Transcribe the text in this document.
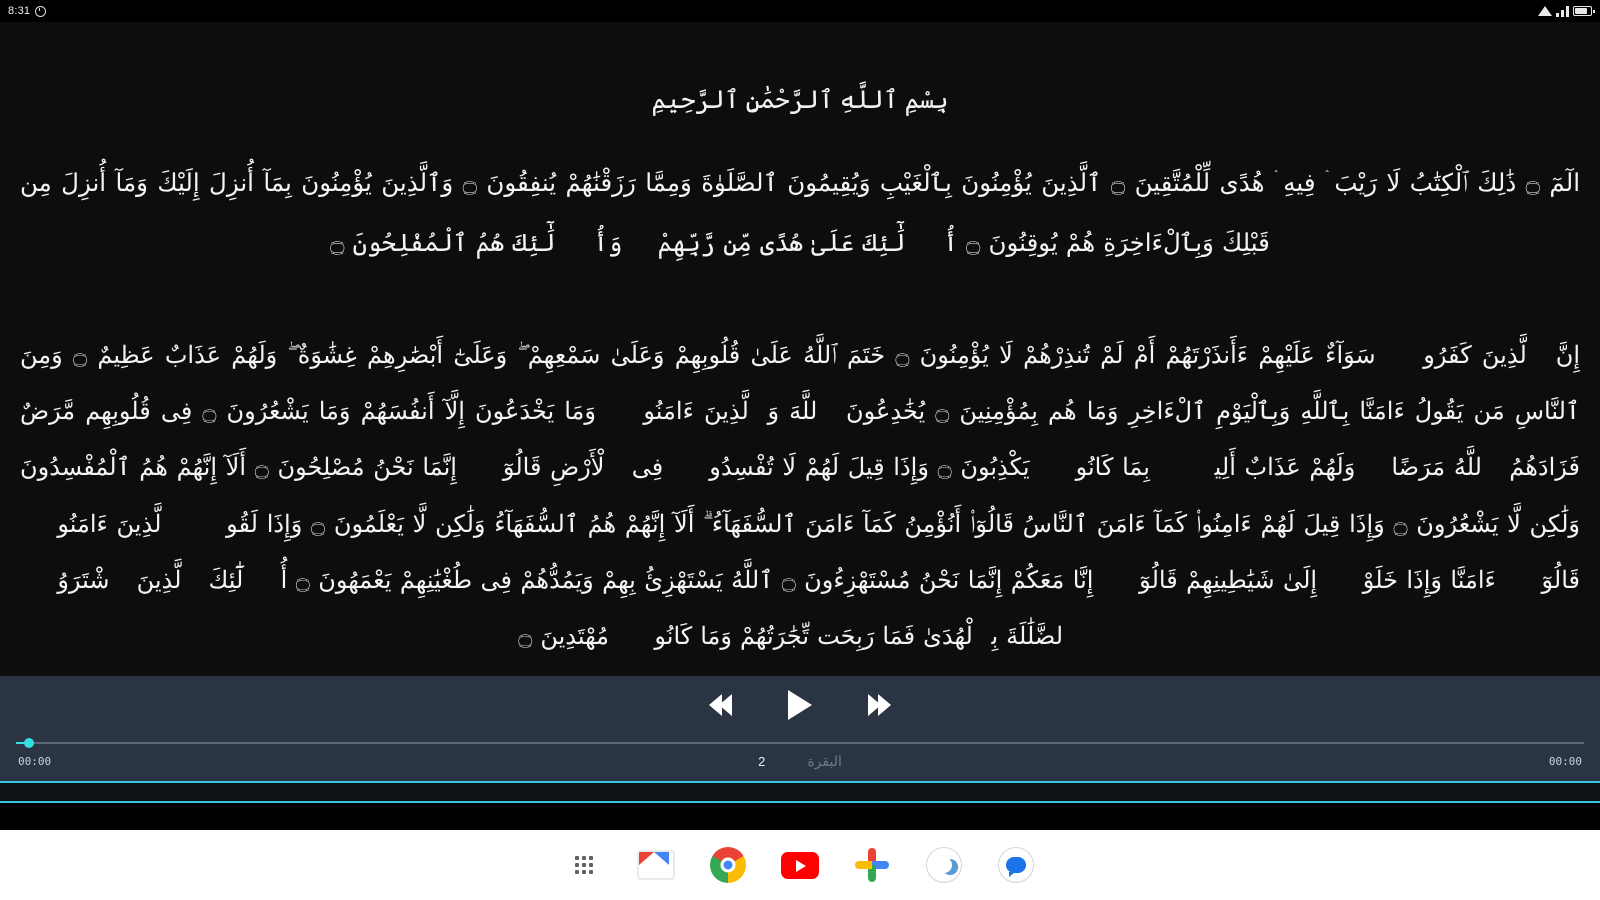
8:31
بِسْمِ ٱللَّهِ ٱلرَّحْمَٰنِ ٱلرَّحِيمِ
الٓمٓ ۝ ذَٰلِكَ ٱلْكِتَٰبُ لَا رَيْبَ ۛ فِيهِ ۛ هُدًى لِّلْمُتَّقِينَ ۝ ٱلَّذِينَ يُؤْمِنُونَ بِٱلْغَيْبِ وَيُقِيمُونَ ٱلصَّلَوٰةَ وَمِمَّا رَزَقْنَٰهُمْ يُنفِقُونَ ۝ وَٱلَّذِينَ يُؤْمِنُونَ بِمَآ أُنزِلَ إِلَيْكَ وَمَآ أُنزِلَ مِن قَبْلِكَ وَبِٱلْءَاخِرَةِ هُمْ يُوقِنُونَ ۝ أُو۟لَٰٓئِكَ عَلَىٰ هُدًى مِّن رَّبِّهِمْ ۖ وَأُو۟لَٰٓئِكَ هُمُ ٱلْمُفْلِحُونَ ۝
إِنَّ ٱلَّذِينَ كَفَرُوا۟ سَوَآءٌ عَلَيْهِمْ ءَأَنذَرْتَهُمْ أَمْ لَمْ تُنذِرْهُمْ لَا يُؤْمِنُونَ ۝ خَتَمَ ٱللَّهُ عَلَىٰ قُلُوبِهِمْ وَعَلَىٰ سَمْعِهِمْ ۖ وَعَلَىٰٓ أَبْصَٰرِهِمْ غِشَٰوَةٌ ۖ وَلَهُمْ عَذَابٌ عَظِيمٌ ۝ وَمِنَ ٱلنَّاسِ مَن يَقُولُ ءَامَنَّا بِٱللَّهِ وَبِٱلْيَوْمِ ٱلْءَاخِرِ وَمَا هُم بِمُؤْمِنِينَ ۝ يُخَٰدِعُونَ ٱللَّهَ وَٱلَّذِينَ ءَامَنُوا۟ وَمَا يَخْدَعُونَ إِلَّآ أَنفُسَهُمْ وَمَا يَشْعُرُونَ ۝ فِى قُلُوبِهِم مَّرَضٌ فَزَادَهُمُ ٱللَّهُ مَرَضًا ۖ وَلَهُمْ عَذَابٌ أَلِيمٌۢ بِمَا كَانُوا۟ يَكْذِبُونَ ۝ وَإِذَا قِيلَ لَهُمْ لَا تُفْسِدُوا۟ فِى ٱلْأَرْضِ قَالُوٓا۟ إِنَّمَا نَحْنُ مُصْلِحُونَ ۝ أَلَآ إِنَّهُمْ هُمُ ٱلْمُفْسِدُونَ وَلَٰكِن لَّا يَشْعُرُونَ ۝ وَإِذَا قِيلَ لَهُمْ ءَامِنُوا۟ كَمَآ ءَامَنَ ٱلنَّاسُ قَالُوٓا۟ أَنُؤْمِنُ كَمَآ ءَامَنَ ٱلسُّفَهَآءُ ۗ أَلَآ إِنَّهُمْ هُمُ ٱلسُّفَهَآءُ وَلَٰكِن لَّا يَعْلَمُونَ ۝ وَإِذَا لَقُوا۟ ٱلَّذِينَ ءَامَنُوا۟ قَالُوٓا۟ ءَامَنَّا وَإِذَا خَلَوْا۟ إِلَىٰ شَيَٰطِينِهِمْ قَالُوٓا۟ إِنَّا مَعَكُمْ إِنَّمَا نَحْنُ مُسْتَهْزِءُونَ ۝ ٱللَّهُ يَسْتَهْزِئُ بِهِمْ وَيَمُدُّهُمْ فِى طُغْيَٰنِهِمْ يَعْمَهُونَ ۝ أُو۟لَٰٓئِكَ ٱلَّذِينَ ٱشْتَرَوُا۟ ٱلضَّلَٰلَةَ بِٱلْهُدَىٰ فَمَا رَبِحَت تِّجَٰرَتُهُمْ وَمَا كَانُوا۟ مُهْتَدِينَ ۝
00:00	2	البقرة	00:00
